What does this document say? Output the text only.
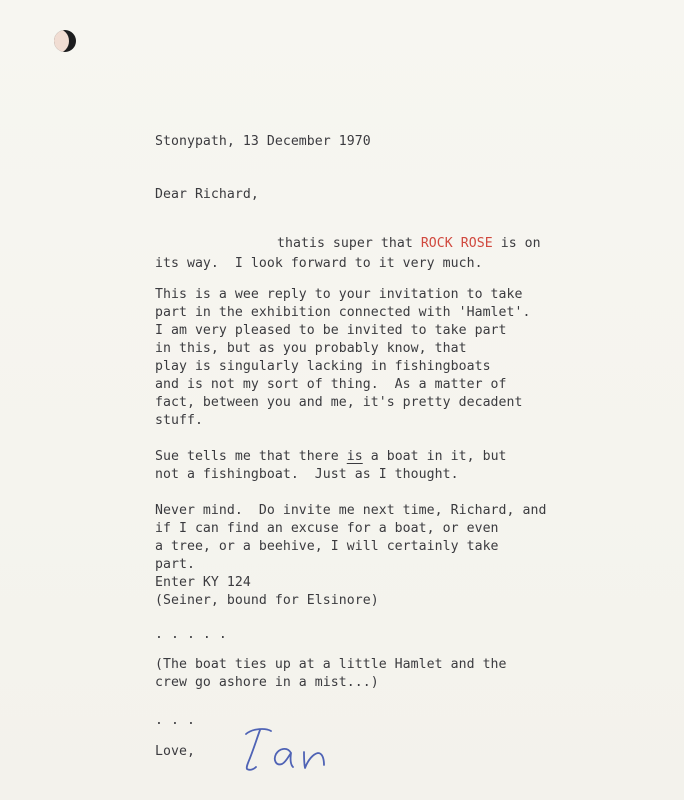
Stonypath, 13 December 1970

Dear Richard,

thatis super that ROCK ROSE is on

its way.  I look forward to it very much.

This is a wee reply to your invitation to take

part in the exhibition connected with 'Hamlet'.

I am very pleased to be invited to take part

in this, but as you probably know, that

play is singularly lacking in fishingboats

and is not my sort of thing.  As a matter of

fact, between you and me, it's pretty decadent

stuff.

Sue tells me that there is a boat in it, but

not a fishingboat.  Just as I thought.

Never mind.  Do invite me next time, Richard, and

if I can find an excuse for a boat, or even

a tree, or a beehive, I will certainly take

part.

Enter KY 124

(Seiner, bound for Elsinore)

. . . . .

(The boat ties up at a little Hamlet and the

crew go ashore in a mist...)

. . .

Love,
